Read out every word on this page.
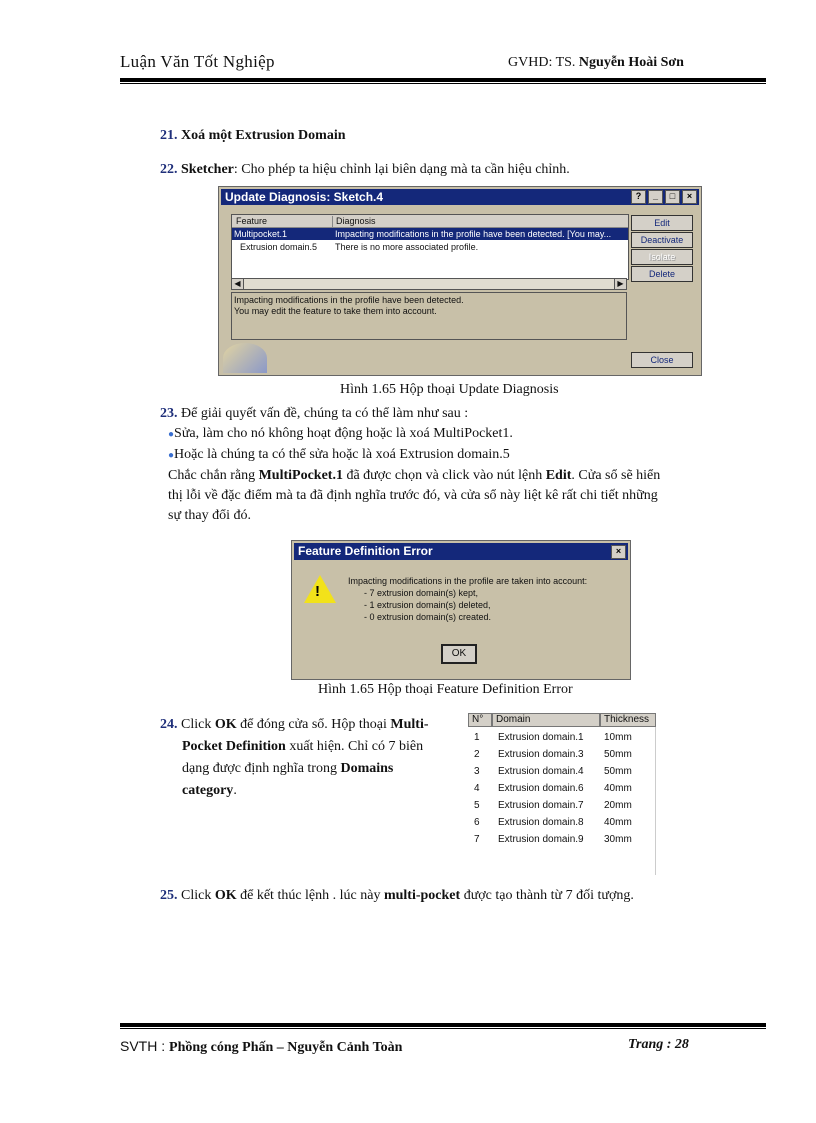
Luận Văn Tốt Nghiệp	GVHD: TS. Nguyễn Hoài Sơn
21. Xoá một Extrusion Domain
22. Sketcher: Cho phép ta hiệu chỉnh lại biên dạng mà ta cần hiệu chỉnh.
Update Diagnosis: Sketch.4	?	_	□	×
Feature	Diagnosis
Multipocket.1	Impacting modifications in the profile have been detected. [You may...
Extrusion domain.5	There is no more associated profile.
◀	▶
Impacting modifications in the profile have been detected.
You may edit the feature to take them into account.
Edit
Deactivate
Isolate
Delete
Close
Hình 1.65 Hộp thoại Update Diagnosis
23. Để giải quyết vấn đề, chúng ta có thể làm như sau :
●Sửa, làm cho nó không hoạt động hoặc là xoá MultiPocket1.
●Hoặc là chúng ta có thể sửa hoặc là xoá Extrusion domain.5
Chắc chắn rằng MultiPocket.1 đã được chọn và click vào nút lệnh Edit. Cửa sổ sẽ hiển
thị lỗi về đặc điểm mà ta đã định nghĩa trước đó, và cửa sổ này liệt kê rất chi tiết những
sự thay đổi đó.
Feature Definition Error	×
!
Impacting modifications in the profile are taken into account:
- 7 extrusion domain(s) kept,
- 1 extrusion domain(s) deleted,
- 0 extrusion domain(s) created.
OK
Hình 1.65 Hộp thoại Feature Definition Error
24. Click OK để đóng cửa sổ. Hộp thoại Multi-
Pocket Definition xuất hiện. Chỉ có 7 biên
dạng được định nghĩa trong Domains
category.
N°	Domain	Thickness
1 Extrusion domain.1 10mm
2 Extrusion domain.3 50mm
3 Extrusion domain.4 50mm
4 Extrusion domain.6 40mm
5 Extrusion domain.7 20mm
6 Extrusion domain.8 40mm
7 Extrusion domain.9 30mm
25. Click OK để kết thúc lệnh . lúc này multi-pocket được tạo thành từ 7 đối tượng.
SVTH : Phồng cóng Phấn – Nguyễn Cảnh Toàn	Trang : 28
